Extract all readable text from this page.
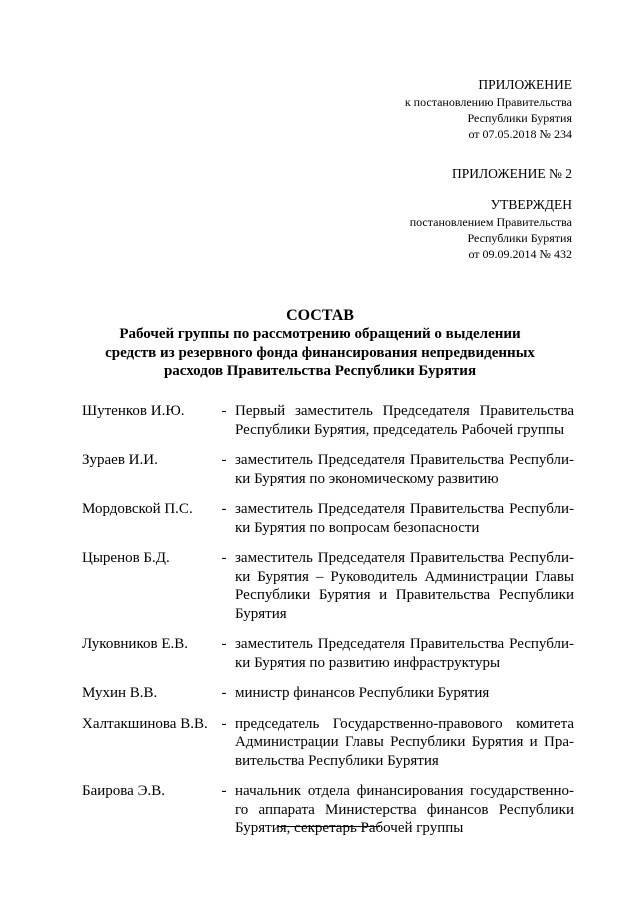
ПРИЛОЖЕНИЕ
к постановлению Правительства
Республики Бурятия
от 07.05.2018 № 234
ПРИЛОЖЕНИЕ № 2
УТВЕРЖДЕН
постановлением Правительства
Республики Бурятия
от 09.09.2014 № 432
СОСТАВ
Рабочей группы по рассмотрению обращений о выделении
средств из резервного фонда финансирования непредвиденных
расходов Правительства Республики Бурятия
Шутенков И.Ю.	- Первый заместитель Председателя Правительства Республики Бурятия, председатель Рабочей группы
Зураев И.И.	- заместитель Председателя Правительства Республи-ки Бурятия по экономическому развитию
Мордовской П.С.	- заместитель Председателя Правительства Республи-ки Бурятия по вопросам безопасности
Цыренов Б.Д.	- заместитель Председателя Правительства Республи-ки Бурятия – Руководитель Администрации Главы Республики Бурятия и Правительства Республики Бурятия
Луковников Е.В.	- заместитель Председателя Правительства Республи-ки Бурятия по развитию инфраструктуры
Мухин В.В.	- министр финансов Республики Бурятия
Халтакшинова В.В. - председатель Государственно-правового комитета Администрации Главы Республики Бурятия и Пра-вительства Республики Бурятия
Баирова Э.В.	- начальник отдела финансирования государственно-го аппарата Министерства финансов Республики Бурятия, секретарь Рабочей группы
